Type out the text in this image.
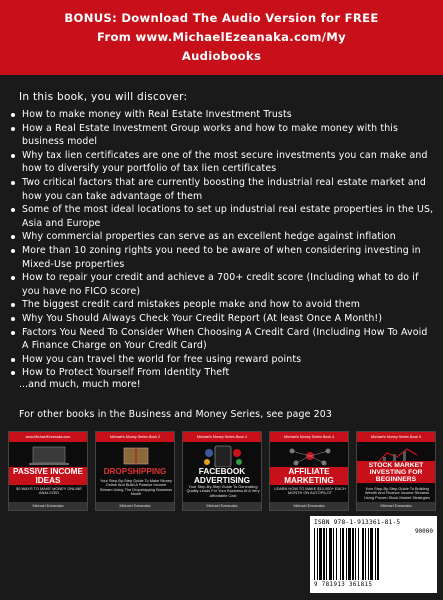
BONUS: Download The Audio Version for FREE
From www.MichaelEzeanaka.com/My
Audiobooks
In this book, you will discover:
How to make money with Real Estate Investment Trusts
How a Real Estate Investment Group works and how to make money with this business model
Why tax lien certificates are one of the most secure investments you can make and how to diversify your portfolio of tax lien certificates
Two critical factors that are currently boosting the industrial real estate market and how you can take advantage of them
Some of the most ideal locations to set up industrial real estate properties in the US, Asia and Europe
Why commercial properties can serve as an excellent hedge against inflation
More than 10 zoning rights you need to be aware of when considering investing in Mixed-Use properties
How to repair your credit and achieve a 700+ credit score (Including what to do if you have no FICO score)
The biggest credit card mistakes people make and how to avoid them
Why You Should Always Check Your Credit Report (At least Once A Month!)
Factors You Need To Consider When Choosing A Credit Card (Including How To Avoid A Finance Charge on Your Credit Card)
How you can travel the world for free using reward points
How to Protect Yourself From Identity Theft
...and much, much more!
For other books in the Business and Money Series, see page 203
www.MichaelEzeanaka.com
PASSIVE INCOME IDEAS
50 WAYS TO MAKE MONEY ONLINE ANALYZED
Michael Ezeanaka
Michael's Money Series Book 2
DROPSHIPPING
Your Step-By-Step Guide To Make Money Online And Build A Passive Income Stream Using The Dropshipping Business Model
Michael Ezeanaka
Michael's Money Series Book 3
FACEBOOK ADVERTISING
Your Step-By-Step Guide To Generating Quality Leads For Your Business At A Very Affordable Cost
Michael Ezeanaka
Michael's Money Series Book 4
AFFILIATE MARKETING
LEARN HOW TO MAKE $10,000+ EACH MONTH ON AUTOPILOT
Michael Ezeanaka
Michael's Money Series Book 5
STOCK MARKET INVESTING FOR BEGINNERS
Your Step-By-Step Guide To Building Wealth And Finance Income Streams Using Proven Stock Market Strategies
Michael Ezeanaka
ISBN 978-1-913361-81-5
90000
9 781913 361815
